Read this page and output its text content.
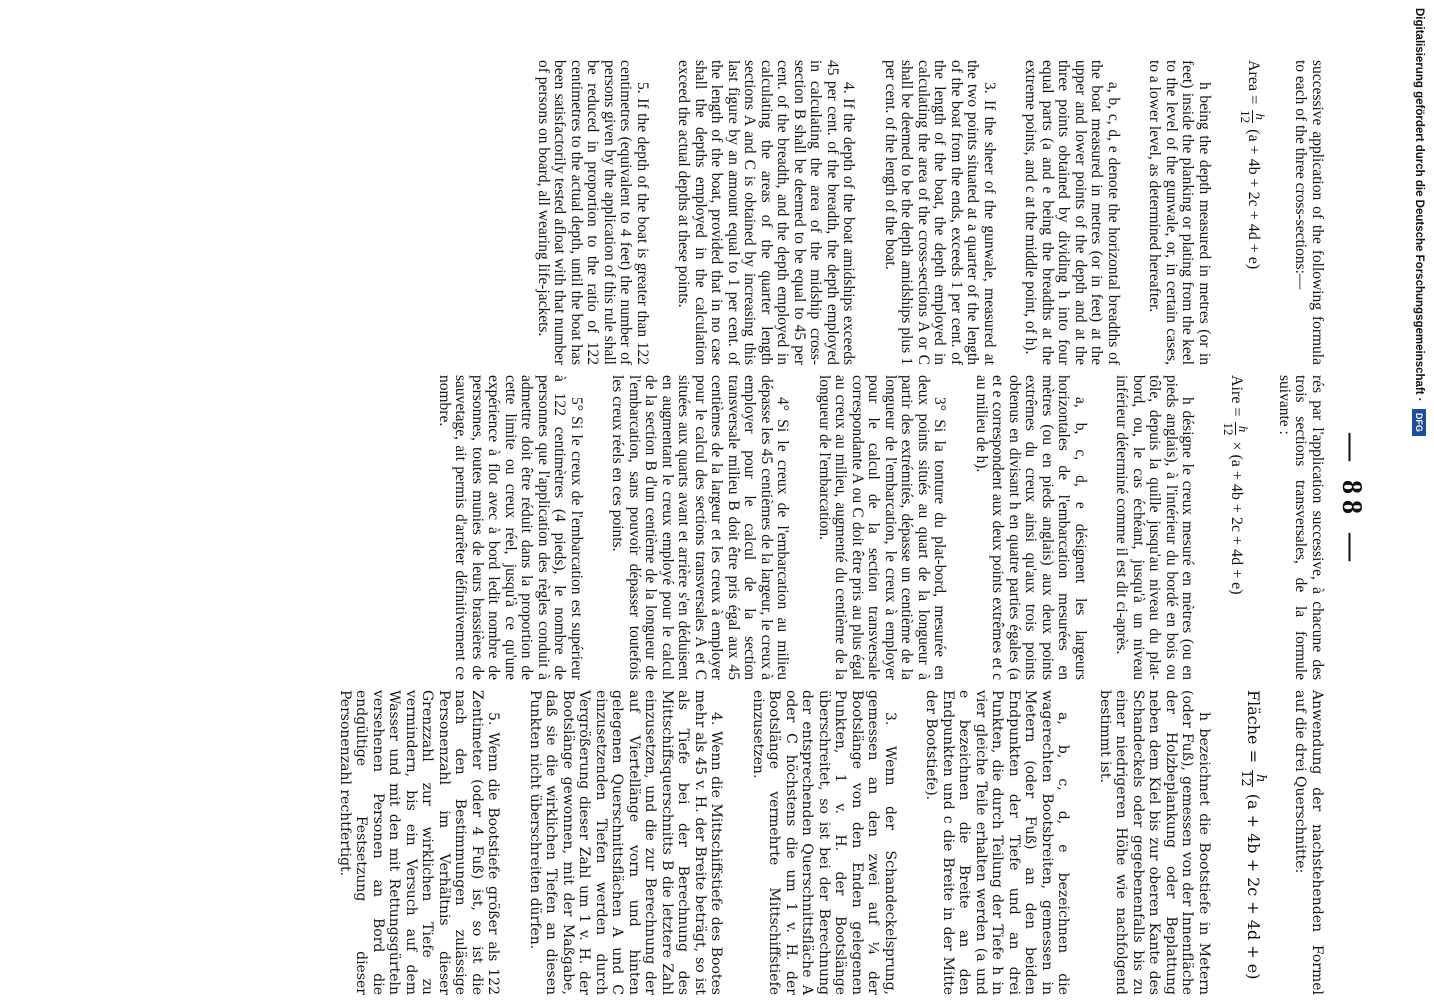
— 88 —

successive application of the following formula to each of the three cross-sections:—

Area =
h
12
(a + 4b + 2c + 4d + e)

h being the depth measured in metres (or in feet) inside the planking or plating from the keel to the level of the gunwale, or, in certain cases, to a lower level, as determined hereafter.

a, b, c, d, e denote the horizontal breadths of the boat measured in metres (or in feet) at the upper and lower points of the depth and at the three points obtained by dividing h into four equal parts (a and e being the breadths at the extreme points, and c at the middle point, of h).

3. If the sheer of the gunwale, measured at the two points situated at a quarter of the length of the boat from the ends, exceeds 1 per cent. of the length of the boat, the depth employed in calculating the area of the cross-sections A or C shall be deemed to be the depth amidships plus 1 per cent. of the length of the boat.

4. If the depth of the boat amidships exceeds 45 per cent. of the breadth, the depth employed in calculating the area of the midship cross-section B shall be deemed to be equal to 45 per cent. of the breadth, and the depth employed in calculating the areas of the quarter length sections A and C is obtained by increasing this last figure by an amount equal to 1 per cent. of the length of the boat, provided that in no case shall the depths employed in the calculation exceed the actual depths at these points.

5. If the depth of the boat is greater than 122 centimetres (equivalent to 4 feet) the number of persons given by the application of this rule shall be reduced in proportion to the ratio of 122 centimetres to the actual depth, until the boat has been satisfactorily tested afloat with that number of persons on board, all wearing life-jackets.

rés par l'application successive, à chacune des trois sections transversales, de la formule suivante :

Aire =
h
12
× (a + 4b + 2c + 4d + e)

h désigne le creux mesuré en mètres (ou en pieds anglais), à l'intérieur du bordé en bois ou tôle, depuis la quille jusqu'au niveau du plat-bord, ou, le cas échéant, jusqu'à un niveau inférieur déterminé comme il est dit ci-après.

a, b, c, d, e désignent les largeurs horizontales de l'embarcation mesurées en mètres (ou en pieds anglais) aux deux points extrêmes du creux ainsi qu'aux trois points obtenus en divisant h en quatre parties égales (a et e correspondent aux deux points extrêmes et c au milieu de h).

3° Si la tonture du plat-bord, mesurée en deux points situés au quart de la longueur à partir des extrémités, dépasse un centième de la longueur de l'embarcation, le creux à employer pour le calcul de la section transversale correspondante A ou C doit être pris au plus égal au creux au milieu, augmenté du centième de la longueur de l'embarcation.

4° Si le creux de l'embarcation au milieu dépasse les 45 centièmes de la largeur, le creux à employer pour le calcul de la section transversale milieu B doit être pris égal aux 45 centièmes de la largeur et les creux à employer pour le calcul des sections transversales A et C situées aux quarts avant et arrière s'en déduisent en augmentant le creux employé pour le calcul de la section B d'un centième de la longueur de l'embarcation, sans pouvoir dépasser toutefois les creux réels en ces points.

5° Si le creux de l'embarcation est supérieur à 122 centimètres (4 pieds), le nombre de personnes que l'application des règles conduit à admettre doit être réduit dans la proportion de cette limite ou creux réel, jusqu'à ce qu'une expérience à flot avec à bord ledit nombre de personnes, toutes munies de leurs brassières de sauvetage, ait permis d'arrêter définitivement ce nombre.

Anwendung der nachstehenden Formel auf die drei Querschnitte:

Fläche =
h
12
(a + 4b + 2c + 4d + e)

h bezeichnet die Bootstiefe in Metern (oder Fuß), gemessen von der Innenfläche der Holzbeplankung oder Beplattung neben dem Kiel bis zur oberen Kante des Schandeckels oder gegebenenfalls bis zu einer niedrigeren Höhe wie nachfolgend bestimmt ist.

a, b, c, d, e bezeichnen die wagerechten Bootsbreiten, gemessen in Metern (oder Fuß) an den beiden Endpunkten der Tiefe und an drei Punkten, die durch Teilung der Tiefe h in vier gleiche Teile erhalten werden (a und e bezeichnen die Breite an den Endpunkten und c die Breite in der Mitte der Bootstiefe).

3. Wenn der Schandeckelsprung, gemessen an den zwei auf ¼ der Bootslänge von den Enden gelegenen Punkten, 1 v. H. der Bootslänge überschreitet, so ist bei der Berechnung der entsprechenden Querschnittsfläche A oder C höchstens die um 1 v. H. der Bootslänge vermehrte Mittschiffstiefe einzusetzen.

4. Wenn die Mittschiffstiefe des Bootes mehr als 45 v. H. der Breite beträgt, so ist als Tiefe bei der Berechnung des Mittschiffsquerschnitts B die letztere Zahl einzusetzen, und die zur Berechnung der auf Viertellänge vorn und hinten gelegenen Querschnittsflächen A und C einzusetzenden Tiefen werden durch Vergrößerung dieser Zahl um 1 v. H. der Bootslänge gewonnen, mit der Maßgabe, daß sie die wirklichen Tiefen an diesen Punkten nicht überschreiten dürfen.

5. Wenn die Bootstiefe größer als 122 Zentimeter (oder 4 Fuß) ist, so ist die nach den Bestimmungen zulässige Personenzahl im Verhältnis dieser Grenzzahl zur wirklichen Tiefe zu vermindern, bis ein Versuch auf dem Wasser und mit den mit Rettungsgürteln versehenen Personen an Bord die endgültige Festsetzung dieser Personenzahl rechtfertigt.

Digitalisierung gefördert durch die Deutsche Forschungsgemeinschaft · DFG
